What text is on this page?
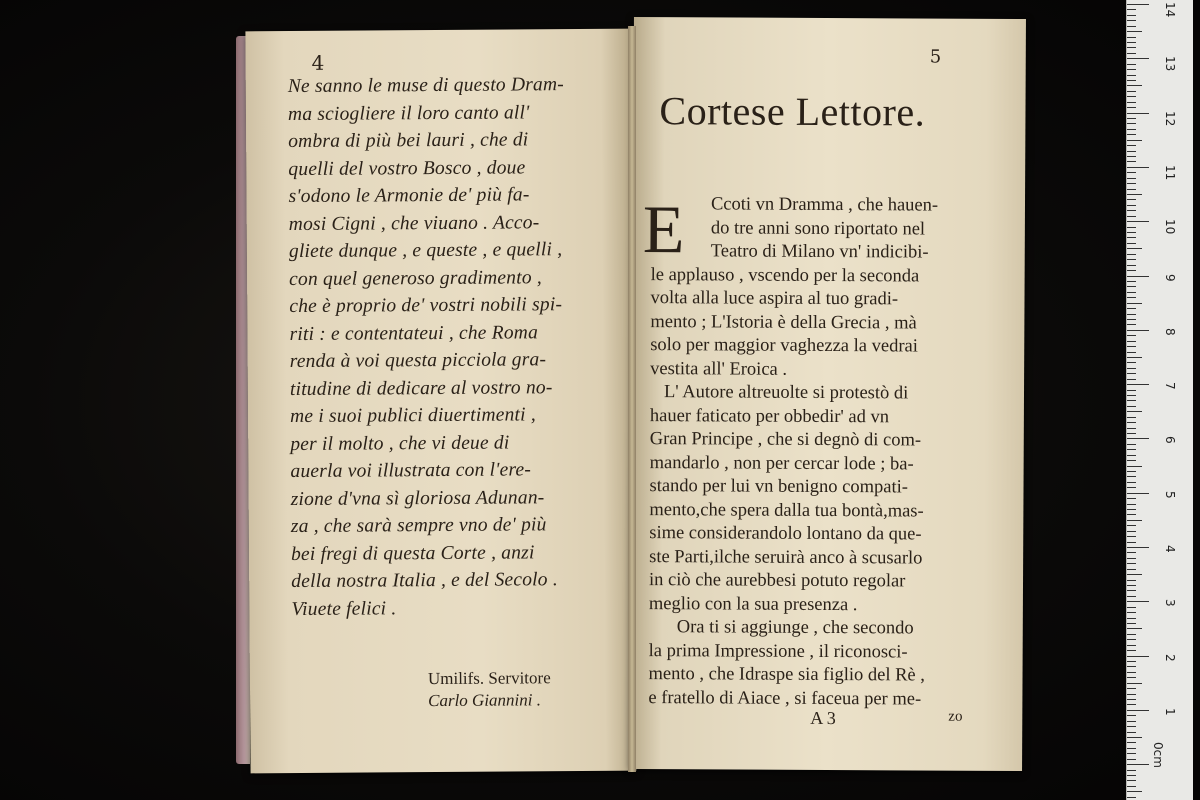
4
Ne sanno le muse di questo Dram-
ma sciogliere il loro canto all'
ombra di più bei lauri , che di
quelli del vostro Bosco , doue
s'odono le Armonie de' più fa-
mosi Cigni , che viuano . Acco-
gliete dunque , e queste , e quelli ,
con quel generoso gradimento ,
che è proprio de' vostri nobili spi-
riti : e contentateui , che Roma
renda à voi questa picciola gra-
titudine di dedicare al vostro no-
me i suoi publici diuertimenti ,
per il molto , che vi deue di
auerla voi illustrata con l'ere-
zione d'vna sì gloriosa Adunan-
za , che sarà sempre vno de' più
bei fregi di questa Corte , anzi
della nostra Italia , e del Secolo .
Viuete felici .
Umilifs. Servitore
Carlo Giannini .
5
Cortese Lettore.
E	Ccoti vn Dramma , che hauen-
do tre anni sono riportato nel
Teatro di Milano vn' indicibi-
le applauso , vscendo per la seconda
volta alla luce aspira al tuo gradi-
mento ; L'Istoria è della Grecia , mà
solo per maggior vaghezza la vedrai
vestita all' Eroica .
L' Autore altreuolte si protestò di
hauer faticato per obbedir' ad vn
Gran Principe , che si degnò di com-
mandarlo , non per cercar lode ; ba-
stando per lui vn benigno compati-
mento,che spera dalla tua bontà,mas-
sime considerandolo lontano da que-
ste Parti,ilche seruirà anco à scusarlo
in ciò che aurebbesi potuto regolar
meglio con la sua presenza .
Ora ti si aggiunge , che secondo
la prima Impressione , il riconosci-
mento , che Idraspe sia figlio del Rè ,
e fratello di Aiace , si faceua per me-
A 3	zo
0cm
14
13
12
11
10
9
8
7
6
5
4
3
2
1
